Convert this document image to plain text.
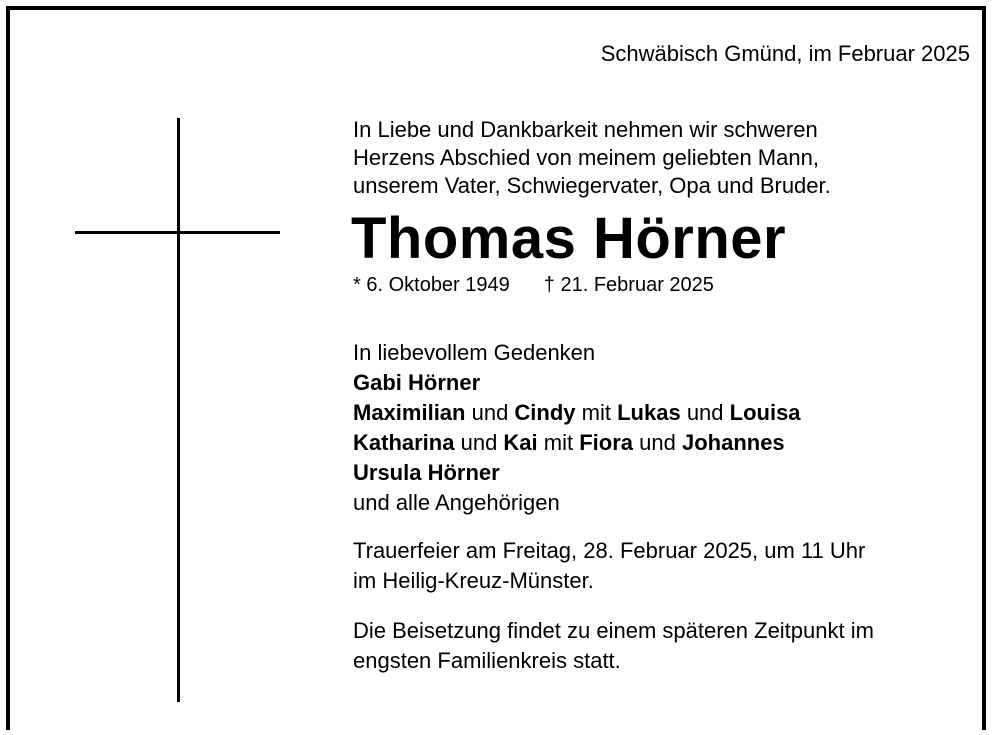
Schwäbisch Gmünd, im Februar 2025

In Liebe und Dankbarkeit nehmen wir schweren

Herzens Abschied von meinem geliebten Mann,

unserem Vater, Schwiegervater, Opa und Bruder.

Thomas Hörner
* 6. Oktober 1949 † 21. Februar 2025
In liebevollem Gedenken
Gabi Hörner
Maximilian und Cindy mit Lukas und Louisa
Katharina und Kai mit Fiora und Johannes
Ursula Hörner
und alle Angehörigen

Trauerfeier am Freitag, 28. Februar 2025, um 11 Uhr

im Heilig-Kreuz-Münster.

Die Beisetzung findet zu einem späteren Zeitpunkt im

engsten Familienkreis statt.
